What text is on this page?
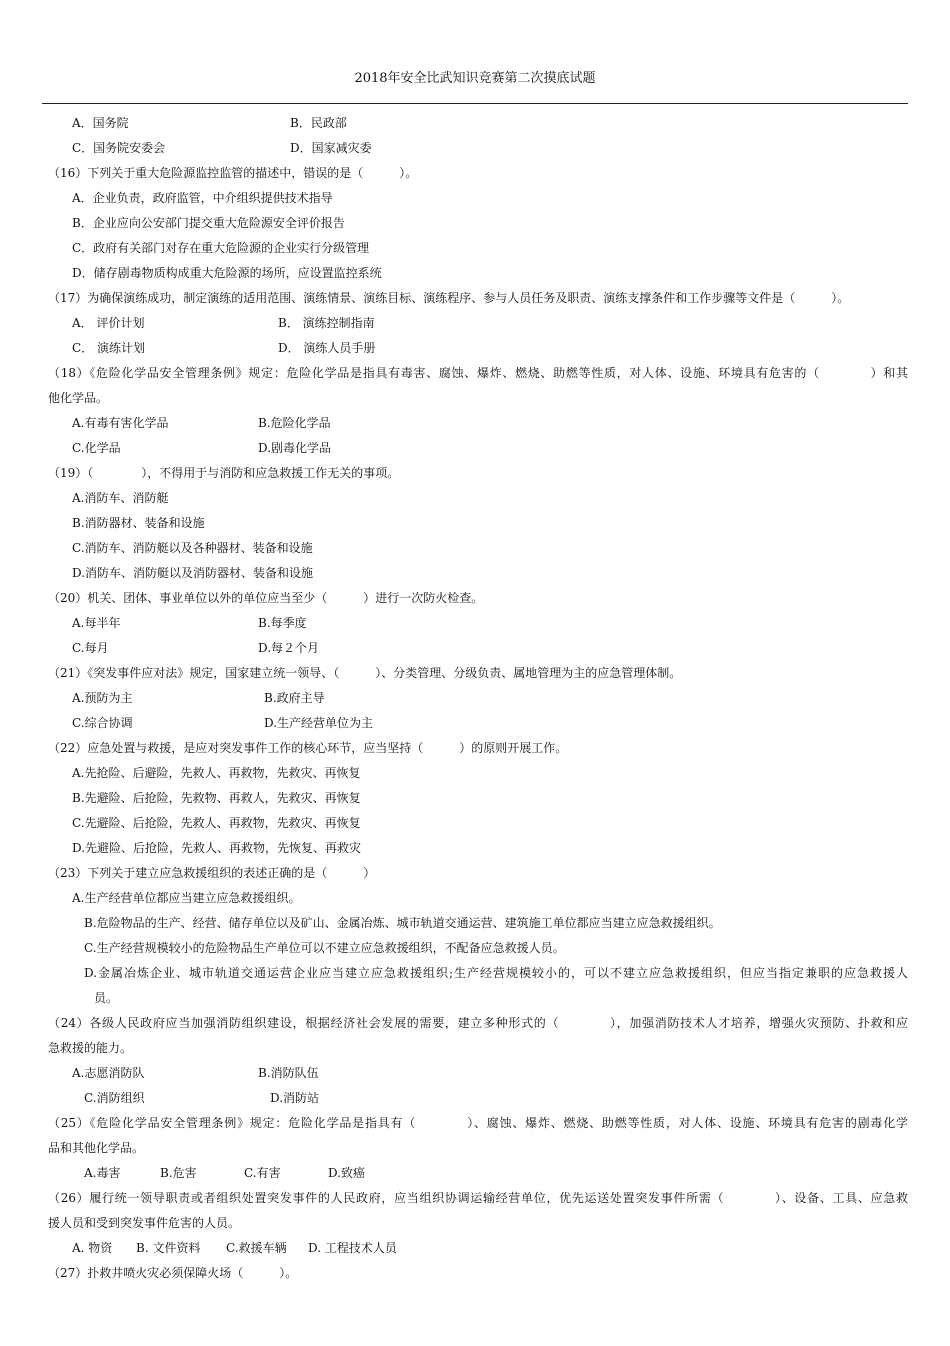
2018年安全比武知识竞赛第二次摸底试题
A．国务院	B．民政部
C．国务院安委会	D．国家减灾委
（16）下列关于重大危险源监控监管的描述中，错误的是（　　　）。
A．企业负责，政府监管，中介组织提供技术指导
B．企业应向公安部门提交重大危险源安全评价报告
C．政府有关部门对存在重大危险源的企业实行分级管理
D．储存剧毒物质构成重大危险源的场所，应设置监控系统
（17）为确保演练成功，制定演练的适用范围、演练情景、演练目标、演练程序、参与人员任务及职责、演练支撑条件和工作步骤等文件是（　　　）。
A． 评价计划	B． 演练控制指南
C． 演练计划	D． 演练人员手册
（18）《危险化学品安全管理条例》规定：危险化学品是指具有毒害、腐蚀、爆炸、燃烧、助燃等性质，对人体、设施、环境具有危害的（　　　　）和其
他化学品。
A.有毒有害化学品	B.危险化学品
C.化学品	D.剧毒化学品
（19）（　　　　），不得用于与消防和应急救援工作无关的事项。
A.消防车、消防艇
B.消防器材、装备和设施
C.消防车、消防艇以及各种器材、装备和设施
D.消防车、消防艇以及消防器材、装备和设施
（20）机关、团体、事业单位以外的单位应当至少（　　　）进行一次防火检查。
A.每半年	B.每季度
C.每月	D.每２个月
（21）《突发事件应对法》规定，国家建立统一领导、（　　　）、分类管理、分级负责、属地管理为主的应急管理体制。
A.预防为主	B.政府主导
C.综合协调	D.生产经营单位为主
（22）应急处置与救援，是应对突发事件工作的核心环节，应当坚持（　　　）的原则开展工作。
A.先抢险、后避险，先救人、再救物，先救灾、再恢复
B.先避险、后抢险，先救物、再救人，先救灾、再恢复
C.先避险、后抢险，先救人、再救物，先救灾、再恢复
D.先避险、后抢险，先救人、再救物，先恢复、再救灾
（23）下列关于建立应急救援组织的表述正确的是（　　　）
A.生产经营单位都应当建立应急救援组织。
B.危险物品的生产、经营、储存单位以及矿山、金属冶炼、城市轨道交通运营、建筑施工单位都应当建立应急救援组织。
C.生产经营规模较小的危险物品生产单位可以不建立应急救援组织，不配备应急救援人员。
D.金属冶炼企业、城市轨道交通运营企业应当建立应急救援组织;生产经营规模较小的，可以不建立应急救援组织，但应当指定兼职的应急救援人
员。
（24）各级人民政府应当加强消防组织建设，根据经济社会发展的需要，建立多种形式的（　　　　），加强消防技术人才培养，增强火灾预防、扑救和应
急救援的能力。
A.志愿消防队	B.消防队伍
C.消防组织	D.消防站
（25）《危险化学品安全管理条例》规定：危险化学品是指具有（　　　　）、腐蚀、爆炸、燃烧、助燃等性质，对人体、设施、环境具有危害的剧毒化学
品和其他化学品。
A.毒害	B.危害	C.有害	D.致癌
（26）履行统一领导职责或者组织处置突发事件的人民政府，应当组织协调运输经营单位，优先运送处置突发事件所需（　　　　）、设备、工具、应急救
援人员和受到突发事件危害的人员。
A. 物资 B. 文件资料 C.救援车辆 D. 工程技术人员
（27）扑救井喷火灾必须保障火场（　　　）。
